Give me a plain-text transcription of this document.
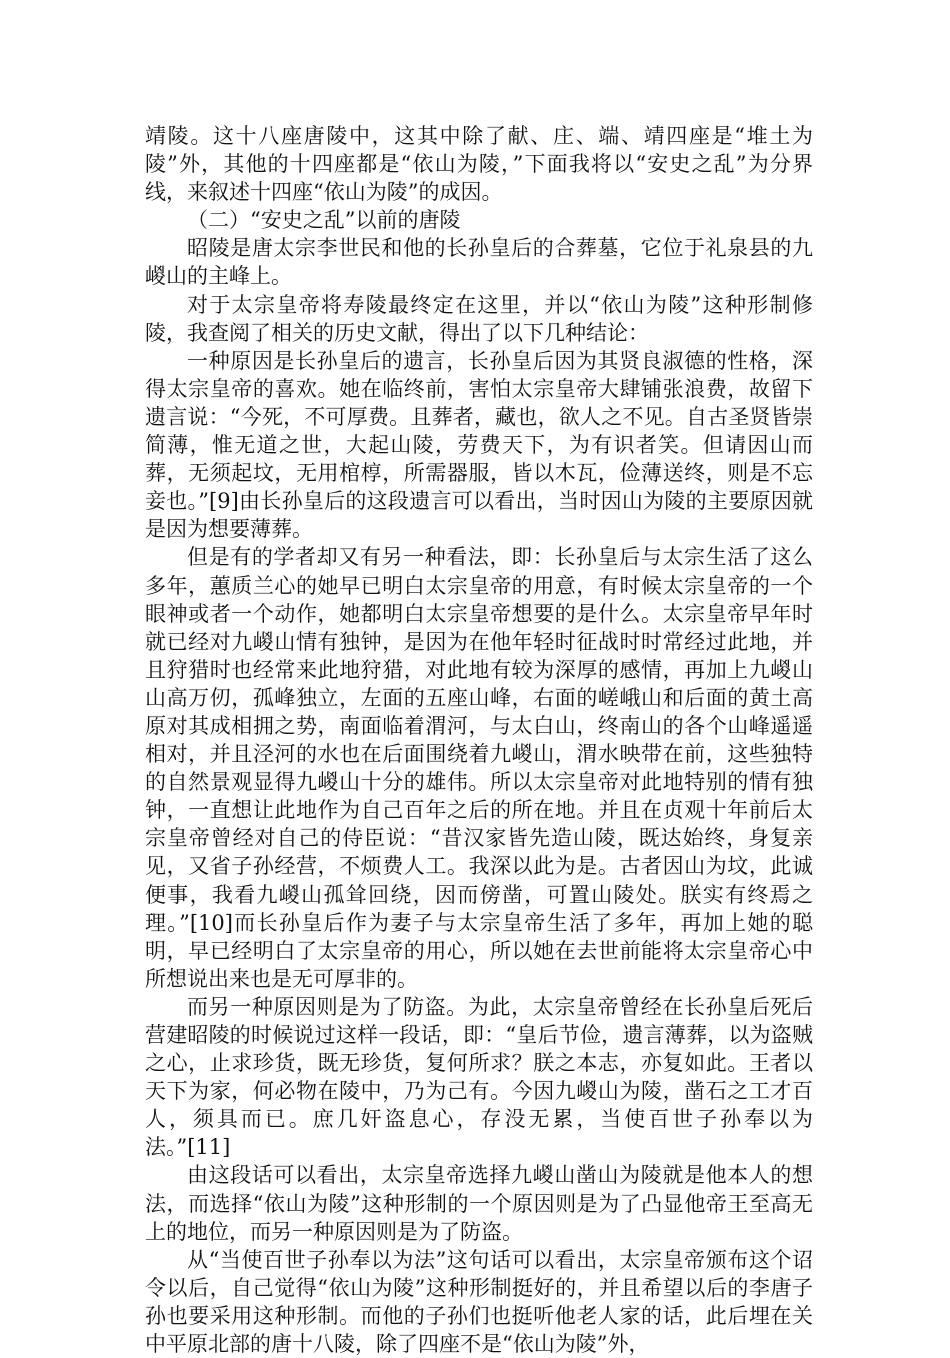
靖陵。这十八座唐陵中，这其中除了献、庄、端、靖四座是“堆土为陵”外，其他的十四座都是“依山为陵，”下面我将以“安史之乱”为分界线，来叙述十四座“依山为陵”的成因。

（二）“安史之乱”以前的唐陵

昭陵是唐太宗李世民和他的长孙皇后的合葬墓，它位于礼泉县的九嵕山的主峰上。

对于太宗皇帝将寿陵最终定在这里，并以“依山为陵”这种形制修陵，我查阅了相关的历史文献，得出了以下几种结论：

一种原因是长孙皇后的遗言，长孙皇后因为其贤良淑德的性格，深得太宗皇帝的喜欢。她在临终前，害怕太宗皇帝大肆铺张浪费，故留下遗言说：“今死，不可厚费。且葬者，藏也，欲人之不见。自古圣贤皆崇简薄，惟无道之世，大起山陵，劳费天下，为有识者笑。但请因山而葬，无须起坟，无用棺椁，所需器服，皆以木瓦，俭薄送终，则是不忘妾也。”[9]由长孙皇后的这段遗言可以看出，当时因山为陵的主要原因就是因为想要薄葬。

但是有的学者却又有另一种看法，即：长孙皇后与太宗生活了这么多年，蕙质兰心的她早已明白太宗皇帝的用意，有时候太宗皇帝的一个眼神或者一个动作，她都明白太宗皇帝想要的是什么。太宗皇帝早年时就已经对九嵕山情有独钟，是因为在他年轻时征战时时常经过此地，并且狩猎时也经常来此地狩猎，对此地有较为深厚的感情，再加上九嵕山山高万仞，孤峰独立，左面的五座山峰，右面的嵯峨山和后面的黄土高原对其成相拥之势，南面临着渭河，与太白山，终南山的各个山峰遥遥相对，并且泾河的水也在后面围绕着九嵕山，渭水映带在前，这些独特的自然景观显得九嵕山十分的雄伟。所以太宗皇帝对此地特别的情有独钟，一直想让此地作为自己百年之后的所在地。并且在贞观十年前后太宗皇帝曾经对自己的侍臣说：“昔汉家皆先造山陵，既达始终，身复亲见，又省子孙经营，不烦费人工。我深以此为是。古者因山为坟，此诚便事，我看九嵕山孤耸回绕，因而傍凿，可置山陵处。朕实有终焉之理。”[10]而长孙皇后作为妻子与太宗皇帝生活了多年，再加上她的聪明，早已经明白了太宗皇帝的用心，所以她在去世前能将太宗皇帝心中所想说出来也是无可厚非的。

而另一种原因则是为了防盗。为此，太宗皇帝曾经在长孙皇后死后营建昭陵的时候说过这样一段话，即：“皇后节俭，遗言薄葬，以为盗贼之心，止求珍货，既无珍货，复何所求？朕之本志，亦复如此。王者以天下为家，何必物在陵中，乃为己有。今因九嵕山为陵，凿石之工才百人，须具而已。庶几奸盗息心，存没无累，当使百世子孙奉以为法。”[11]

由这段话可以看出，太宗皇帝选择九嵕山凿山为陵就是他本人的想法，而选择“依山为陵”这种形制的一个原因则是为了凸显他帝王至高无上的地位，而另一种原因则是为了防盗。

从“当使百世子孙奉以为法”这句话可以看出，太宗皇帝颁布这个诏令以后，自己觉得“依山为陵”这种形制挺好的，并且希望以后的李唐子孙也要采用这种形制。而他的子孙们也挺听他老人家的话，此后埋在关中平原北部的唐十八陵，除了四座不是“依山为陵”外，
